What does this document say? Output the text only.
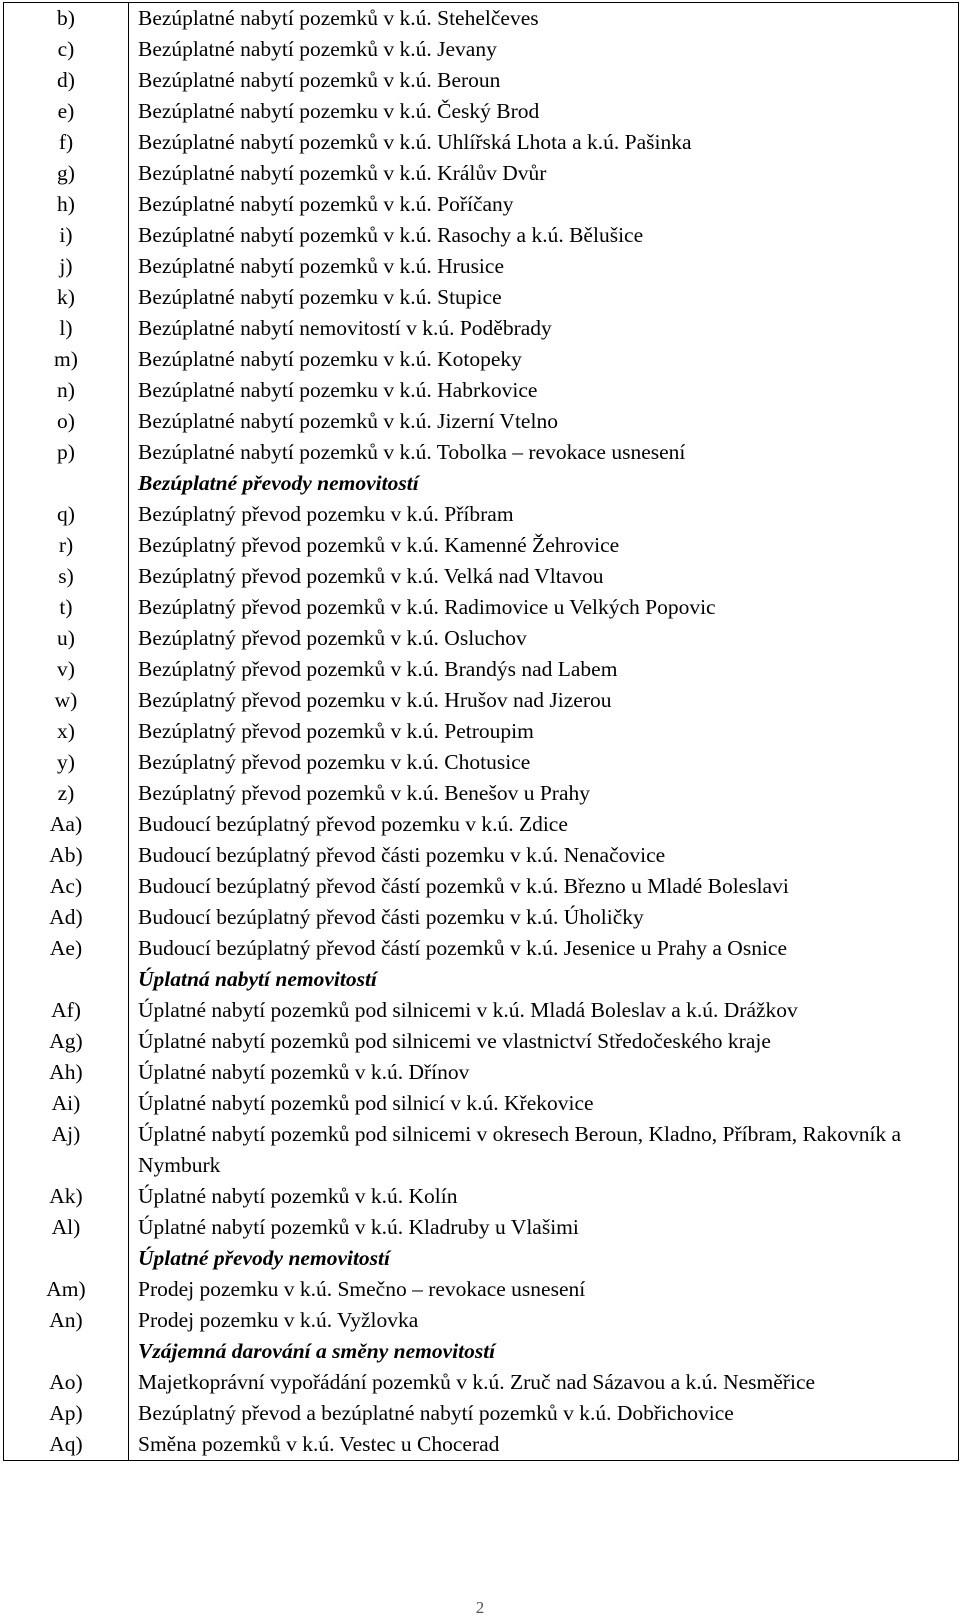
b)	Bezúplatné nabytí pozemků v k.ú. Stehelčeves
c)	Bezúplatné nabytí pozemků v k.ú. Jevany
d)	Bezúplatné nabytí pozemků v k.ú. Beroun
e)	Bezúplatné nabytí pozemku v k.ú. Český Brod
f)	Bezúplatné nabytí pozemků v k.ú. Uhlířská Lhota a k.ú. Pašinka
g)	Bezúplatné nabytí pozemků v k.ú. Králův Dvůr
h)	Bezúplatné nabytí pozemků v k.ú. Poříčany
i)	Bezúplatné nabytí pozemků v k.ú. Rasochy a k.ú. Bělušice
j)	Bezúplatné nabytí pozemků v k.ú. Hrusice
k)	Bezúplatné nabytí pozemku v k.ú. Stupice
l)	Bezúplatné nabytí nemovitostí v k.ú. Poděbrady
m)	Bezúplatné nabytí pozemku v k.ú. Kotopeky
n)	Bezúplatné nabytí pozemku v k.ú. Habrkovice
o)	Bezúplatné nabytí pozemků v k.ú. Jizerní Vtelno
p)	Bezúplatné nabytí pozemků v k.ú. Tobolka – revokace usnesení
	Bezúplatné převody nemovitostí
q)	Bezúplatný převod pozemku v k.ú. Příbram
r)	Bezúplatný převod pozemků v k.ú. Kamenné Žehrovice
s)	Bezúplatný převod pozemků v k.ú. Velká nad Vltavou
t)	Bezúplatný převod pozemků v k.ú. Radimovice u Velkých Popovic
u)	Bezúplatný převod pozemků v k.ú. Osluchov
v)	Bezúplatný převod pozemků v k.ú. Brandýs nad Labem
w)	Bezúplatný převod pozemku v k.ú. Hrušov nad Jizerou
x)	Bezúplatný převod pozemků v k.ú. Petroupim
y)	Bezúplatný převod pozemku v k.ú. Chotusice
z)	Bezúplatný převod pozemků v k.ú. Benešov u Prahy
Aa)	Budoucí bezúplatný převod pozemku v k.ú. Zdice
Ab)	Budoucí bezúplatný převod části pozemku v k.ú. Nenačovice
Ac)	Budoucí bezúplatný převod částí pozemků v k.ú. Březno u Mladé Boleslavi
Ad)	Budoucí bezúplatný převod části pozemku v k.ú. Úholičky
Ae)	Budoucí bezúplatný převod částí pozemků v k.ú. Jesenice u Prahy a Osnice
	Úplatná nabytí nemovitostí
Af)	Úplatné nabytí pozemků pod silnicemi v k.ú. Mladá Boleslav a k.ú. Drážkov
Ag)	Úplatné nabytí pozemků pod silnicemi ve vlastnictví Středočeského kraje
Ah)	Úplatné nabytí pozemků v k.ú. Dřínov
Ai)	Úplatné nabytí pozemků pod silnicí v k.ú. Křekovice
Aj)	Úplatné nabytí pozemků pod silnicemi v okresech Beroun, Kladno, Příbram, Rakovník a Nymburk
Ak)	Úplatné nabytí pozemků v k.ú. Kolín
Al)	Úplatné nabytí pozemků v k.ú. Kladruby u Vlašimi
	Úplatné převody nemovitostí
Am)	Prodej pozemku v k.ú. Smečno – revokace usnesení
An)	Prodej pozemku v k.ú. Vyžlovka
	Vzájemná darování a směny nemovitostí
Ao)	Majetkoprávní vypořádání pozemků v k.ú. Zruč nad Sázavou a k.ú. Nesměřice
Ap)	Bezúplatný převod a bezúplatné nabytí pozemků v k.ú. Dobřichovice
Aq)	Směna pozemků v k.ú. Vestec u Chocerad
2
